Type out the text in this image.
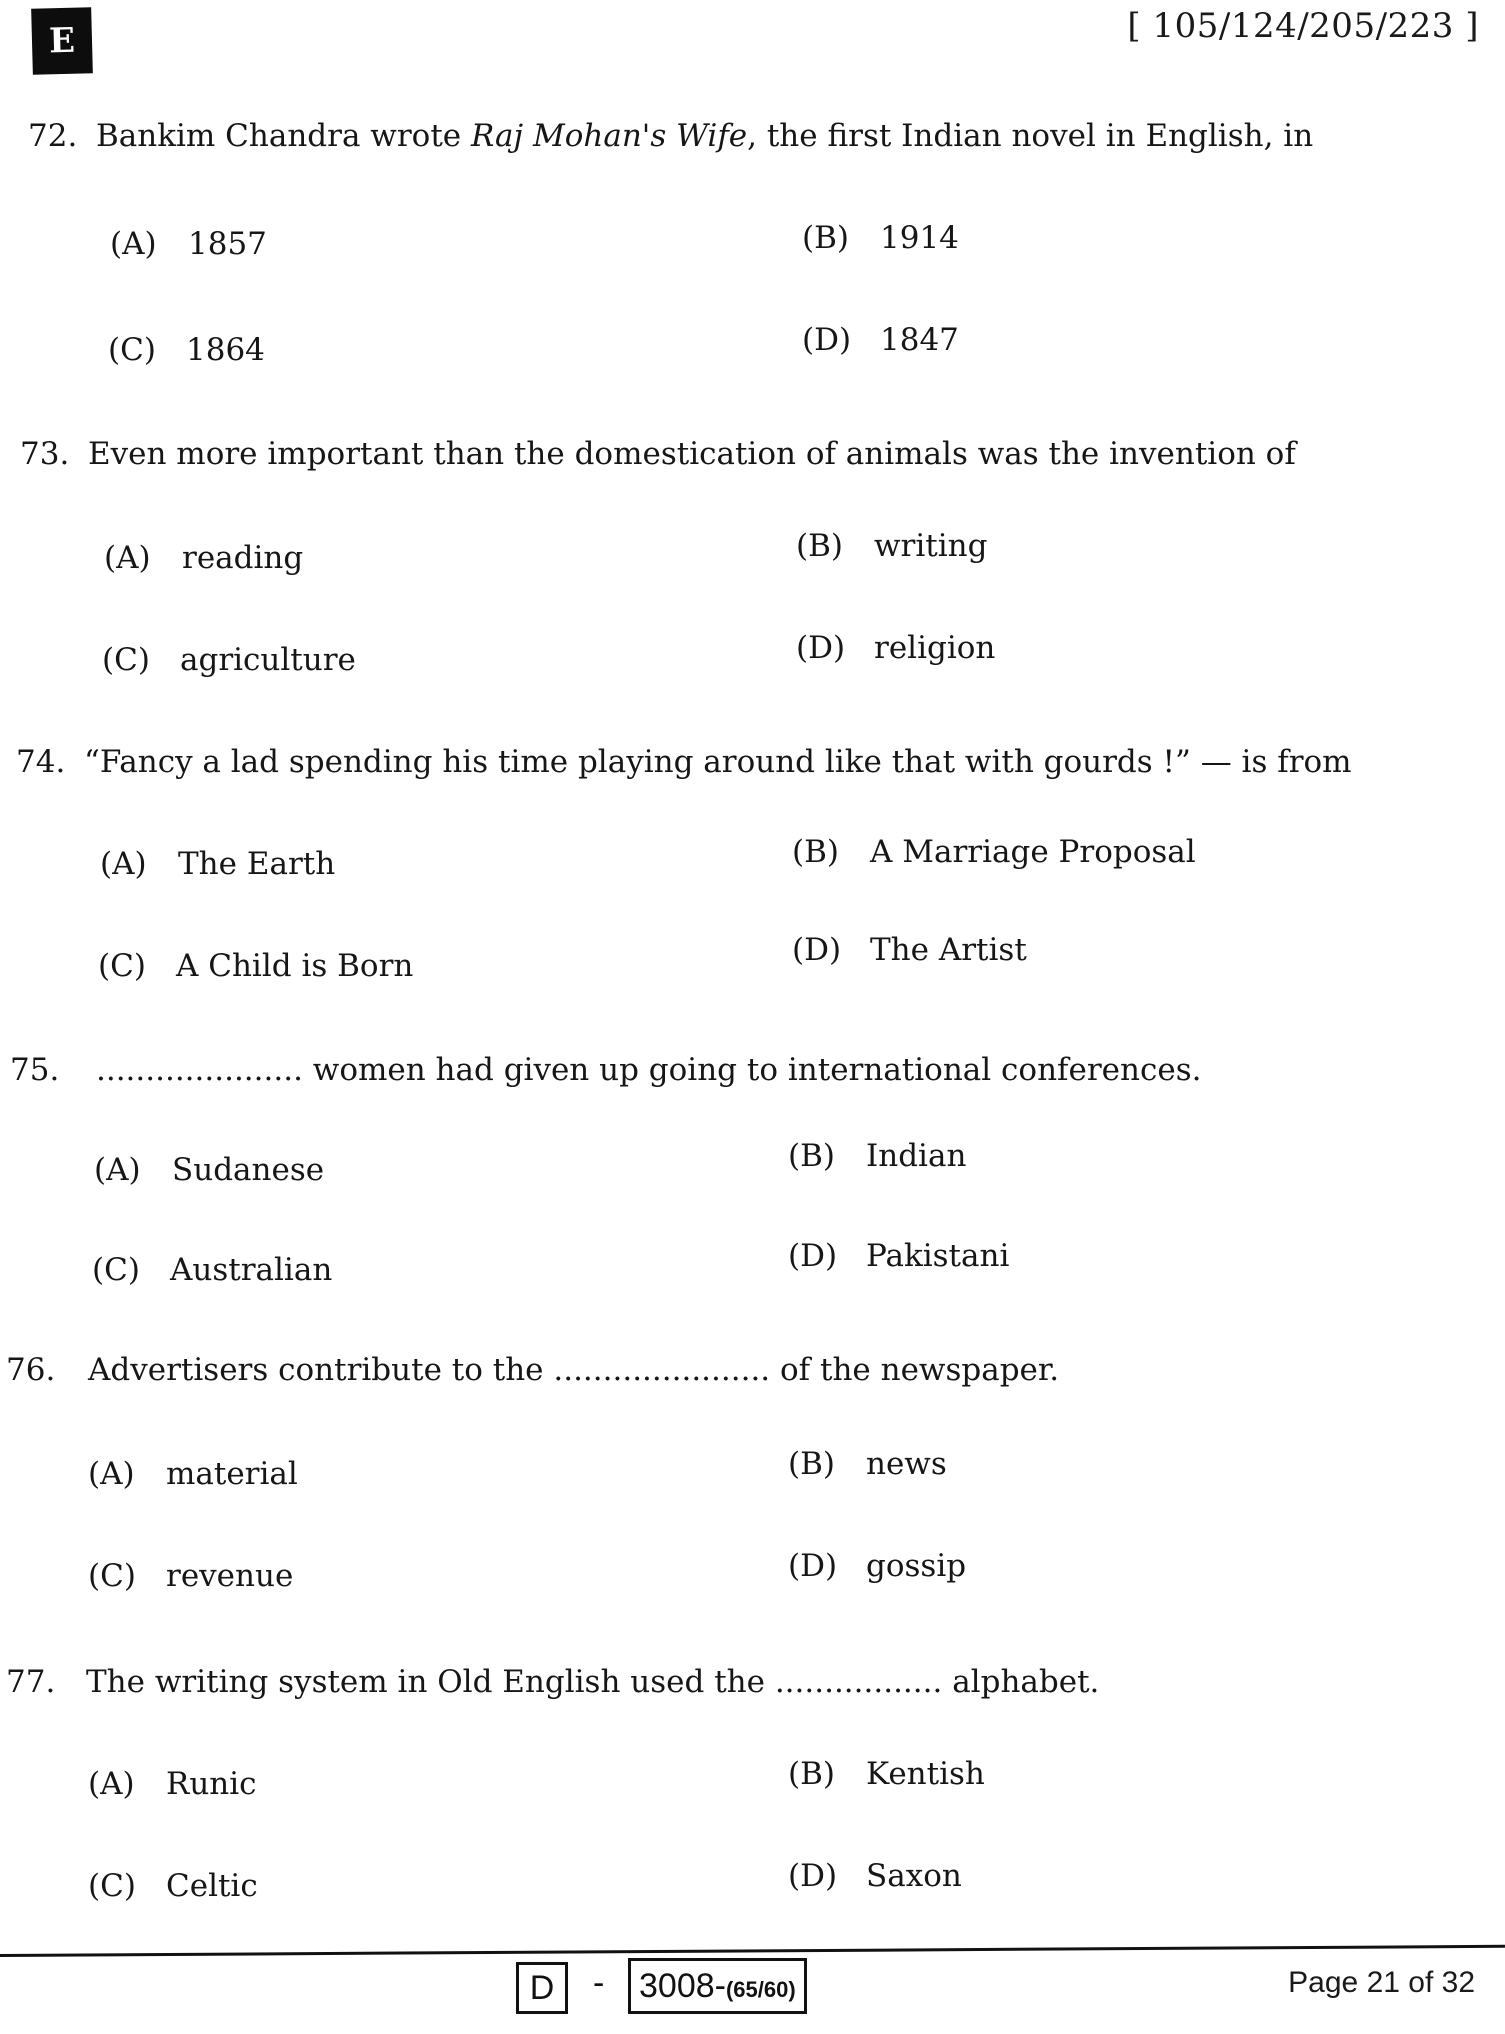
E	[ 105/124/205/223 ]
72. Bankim Chandra wrote Raj Mohan's Wife, the first Indian novel in English, in
(A) 1857	(B) 1914
(C) 1864	(D) 1847
73. Even more important than the domestication of animals was the invention of
(A) reading	(B) writing
(C) agriculture	(D) religion
74. “Fancy a lad spending his time playing around like that with gourds !” — is from
(A) The Earth	(B) A Marriage Proposal
(C) A Child is Born	(D) The Artist
75. ..................... women had given up going to international conferences.
(A) Sudanese	(B) Indian
(C) Australian	(D) Pakistani
76. Advertisers contribute to the ...................... of the newspaper.
(A) material	(B) news
(C) revenue	(D) gossip
77. The writing system in Old English used the ................. alphabet.
(A) Runic	(B) Kentish
(C) Celtic	(D) Saxon
D	-	3008-(65/60)	Page 21 of 32
